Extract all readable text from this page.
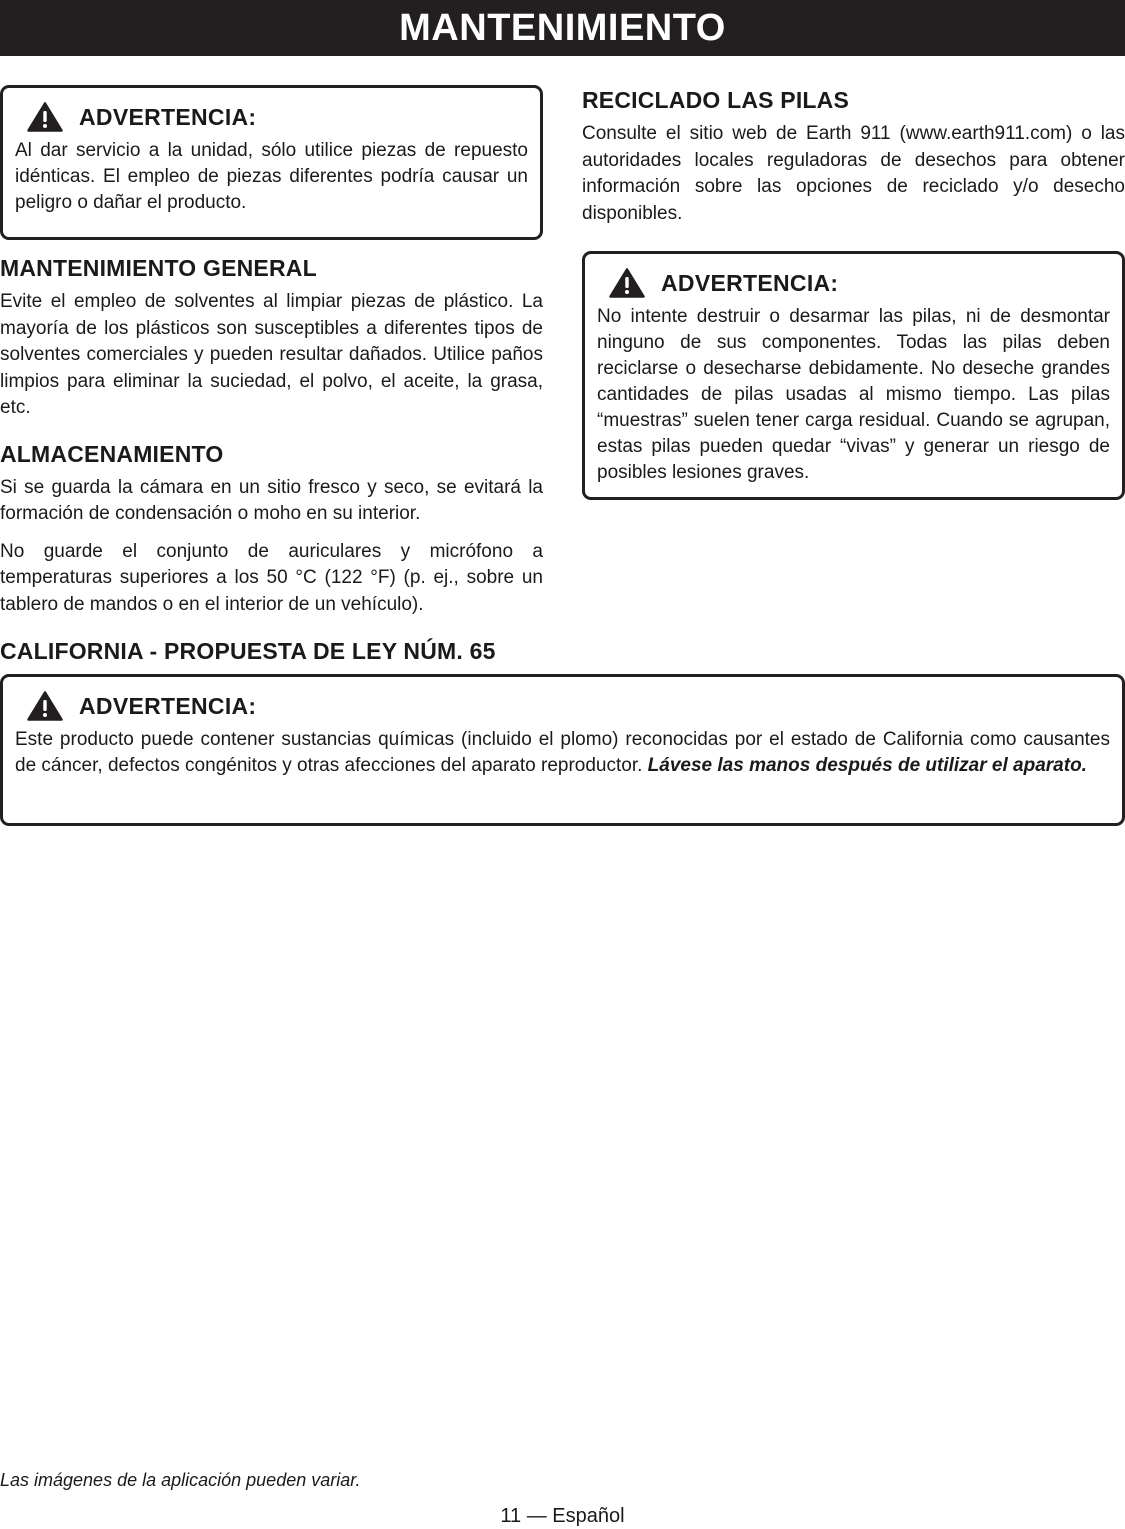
MANTENIMIENTO
ADVERTENCIA:
Al dar servicio a la unidad, sólo utilice piezas de repuesto idénticas. El empleo de piezas diferentes podría causar un peligro o dañar el producto.
MANTENIMIENTO GENERAL

Evite el empleo de solventes al limpiar piezas de plástico. La mayoría de los plásticos son susceptibles a diferentes tipos de solventes comerciales y pueden resultar dañados. Utilice paños limpios para eliminar la suciedad, el polvo, el aceite, la grasa, etc.

ALMACENAMIENTO

Si se guarda la cámara en un sitio fresco y seco, se evitará la formación de condensación o moho en su interior.

No guarde el conjunto de auriculares y micrófono a temperaturas superiores a los 50 °C (122 °F) (p. ej., sobre un tablero de mandos o en el interior de un vehículo).

RECICLADO LAS PILAS

Consulte el sitio web de Earth 911 (www.earth911.com) o las autoridades locales reguladoras de desechos para obtener información sobre las opciones de reciclado y/o desecho disponibles.

ADVERTENCIA:
No intente destruir o desarmar las pilas, ni de desmontar ninguno de sus componentes. Todas las pilas deben reciclarse o desecharse debidamente. No deseche grandes cantidades de pilas usadas al mismo tiempo. Las pilas “muestras” suelen tener carga residual. Cuando se agrupan, estas pilas pueden quedar “vivas” y generar un riesgo de posibles lesiones graves.
CALIFORNIA - PROPUESTA DE LEY NÚM. 65
ADVERTENCIA:
Este producto puede contener sustancias químicas (incluido el plomo) reconocidas por el estado de California como causantes de cáncer, defectos congénitos y otras afecciones del aparato reproductor. Lávese las manos después de utilizar el aparato.
Las imágenes de la aplicación pueden variar.
11 — Español
